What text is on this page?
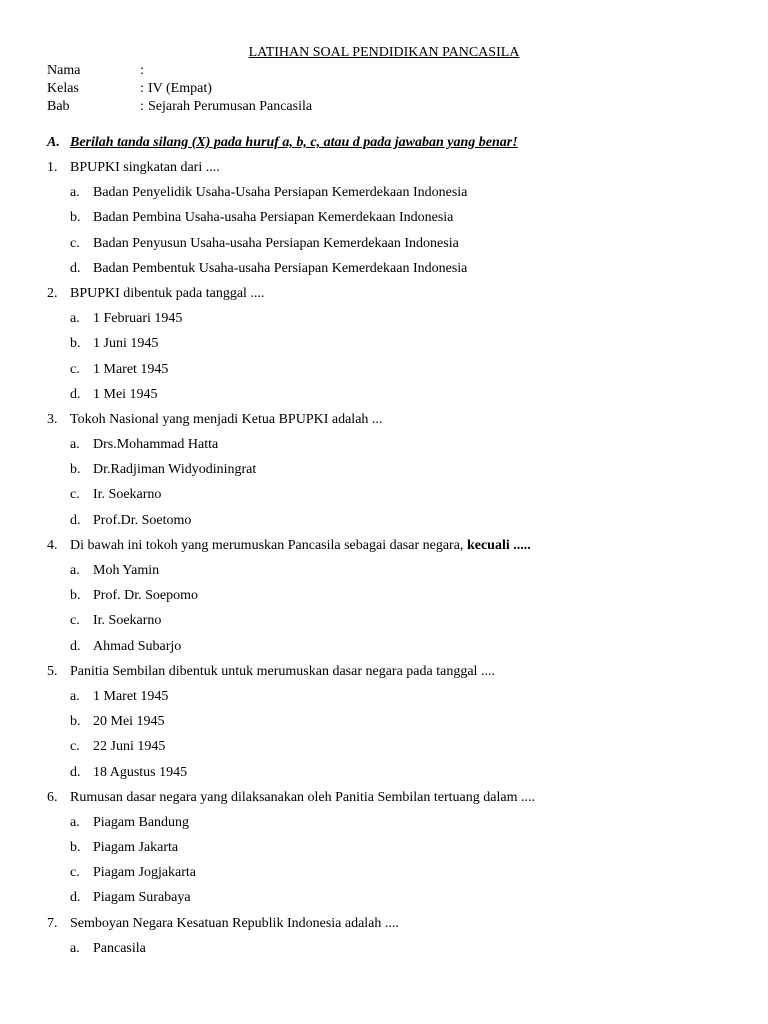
LATIHAN SOAL PENDIDIKAN PANCASILA
Nama	:
Kelas	: IV (Empat)
Bab	: Sejarah Perumusan Pancasila
A. Berilah tanda silang (X) pada huruf a, b, c, atau d pada jawaban yang benar!
1. BPUPKI singkatan dari ....
a. Badan Penyelidik Usaha-Usaha Persiapan Kemerdekaan Indonesia
b. Badan Pembina Usaha-usaha Persiapan Kemerdekaan Indonesia
c. Badan Penyusun Usaha-usaha Persiapan Kemerdekaan Indonesia
d. Badan Pembentuk Usaha-usaha Persiapan Kemerdekaan Indonesia
2. BPUPKI dibentuk pada tanggal ....
a. 1 Februari 1945
b. 1 Juni 1945
c. 1 Maret 1945
d. 1 Mei 1945
3. Tokoh Nasional yang menjadi Ketua BPUPKI adalah ...
a. Drs.Mohammad Hatta
b. Dr.Radjiman Widyodiningrat
c. Ir. Soekarno
d. Prof.Dr. Soetomo
4. Di bawah ini tokoh yang merumuskan Pancasila sebagai dasar negara, kecuali .....
a. Moh Yamin
b. Prof. Dr. Soepomo
c. Ir. Soekarno
d. Ahmad Subarjo
5. Panitia Sembilan dibentuk untuk merumuskan dasar negara pada tanggal ....
a. 1 Maret 1945
b. 20 Mei 1945
c. 22 Juni 1945
d. 18 Agustus 1945
6. Rumusan dasar negara yang dilaksanakan oleh Panitia Sembilan tertuang dalam ....
a. Piagam Bandung
b. Piagam Jakarta
c. Piagam Jogjakarta
d. Piagam Surabaya
7. Semboyan Negara Kesatuan Republik Indonesia adalah ....
a. Pancasila
